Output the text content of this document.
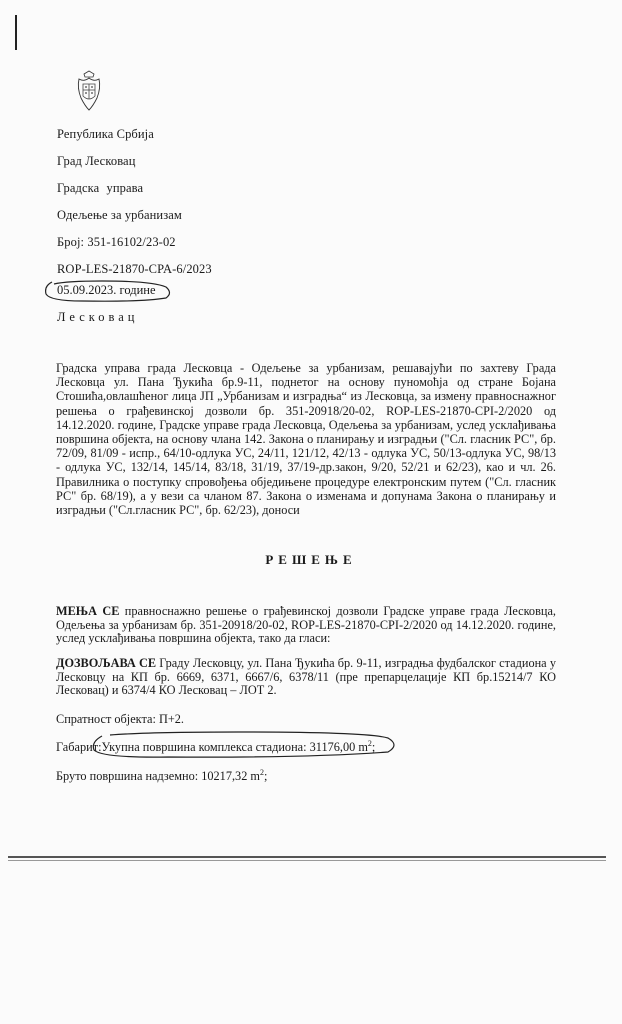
Република Србија
Град Лесковац
Градска управа
Одељење за урбанизам
Број: 351-16102/23-02
ROP-LES-21870-CPA-6/2023
05.09.2023. године
Лесковац
Градска управа града Лесковца - Одељење за урбанизам, решавајући по захтеву Града Лесковца ул. Пана Ђукића бр.9-11, поднетог на основу пуномоћја од стране Бојана Стошића,овлашћеног лица ЈП „Урбанизам и изградња“ из Лесковца, за измену правноснажног решења о грађевинској дозволи бр. 351-20918/20-02, ROP-LES-21870-CPI-2/2020 од 14.12.2020. године, Градске управе града Лесковца, Одељења за урбанизам, услед усклађивања површина објекта, на основу члана 142. Закона о планирању и изградњи ("Сл. гласник РС", бр. 72/09, 81/09 - испр., 64/10-одлука УС, 24/11, 121/12, 42/13 - одлука УС, 50/13-одлука УС, 98/13 - одлука УС, 132/14, 145/14, 83/18, 31/19, 37/19-др.закон, 9/20, 52/21 и 62/23), као и чл. 26. Правилника о поступку спровођења обједињене процедуре електронским путем ("Сл. гласник РС" бр. 68/19), а у вези са чланом 87. Закона о изменама и допунама Закона о планирању и изградњи ("Сл.гласник РС", бр. 62/23), доноси
РЕШЕЊЕ
МЕЊА СЕ правноснажно решење о грађевинској дозволи Градске управе града Лесковца, Одељења за урбанизам бр. 351-20918/20-02, ROP-LES-21870-CPI-2/2020 од 14.12.2020. године, услед усклађивања површина објекта, тако да гласи:
ДОЗВОЉАВА СЕ Граду Лесковцу, ул. Пана Ђукића бр. 9-11, изградња фудбалског стадиона у Лесковцу на КП бр. 6669, 6371, 6667/6, 6378/11 (пре препарцелације КП бр.15214/7 КО Лесковац) и 6374/4 КО Лесковац – ЛОТ 2.
Спратност објекта: П+2.
Габарит:Укупна површина комплекса стадиона: 31176,00 $m^2$;
Бруто површина надземно: 10217,32 $m^2$;
